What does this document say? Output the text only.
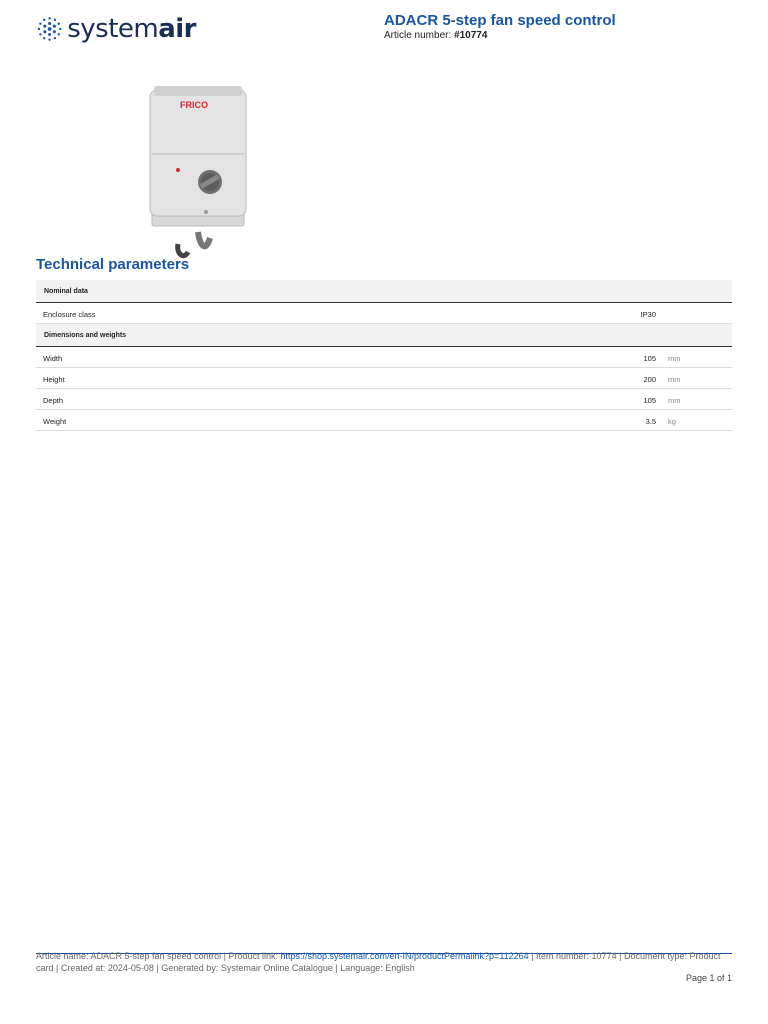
systemair	ADACR 5-step fan speed control
Article number: #10774
FRICO
Technical parameters
Nominal data
Enclosure class	IP30
Dimensions and weights
Width	105 mm
Height	200 mm
Depth	105 mm
Weight	3.5 kg
Article name: ADACR 5-step fan speed control | Product link: https://shop.systemair.com/en-IN/productPermalink?p=112264 | Item number: 10774 | Document type: Product card | Created at: 2024-05-08 | Generated by: Systemair Online Catalogue | Language: English
Page 1 of 1
